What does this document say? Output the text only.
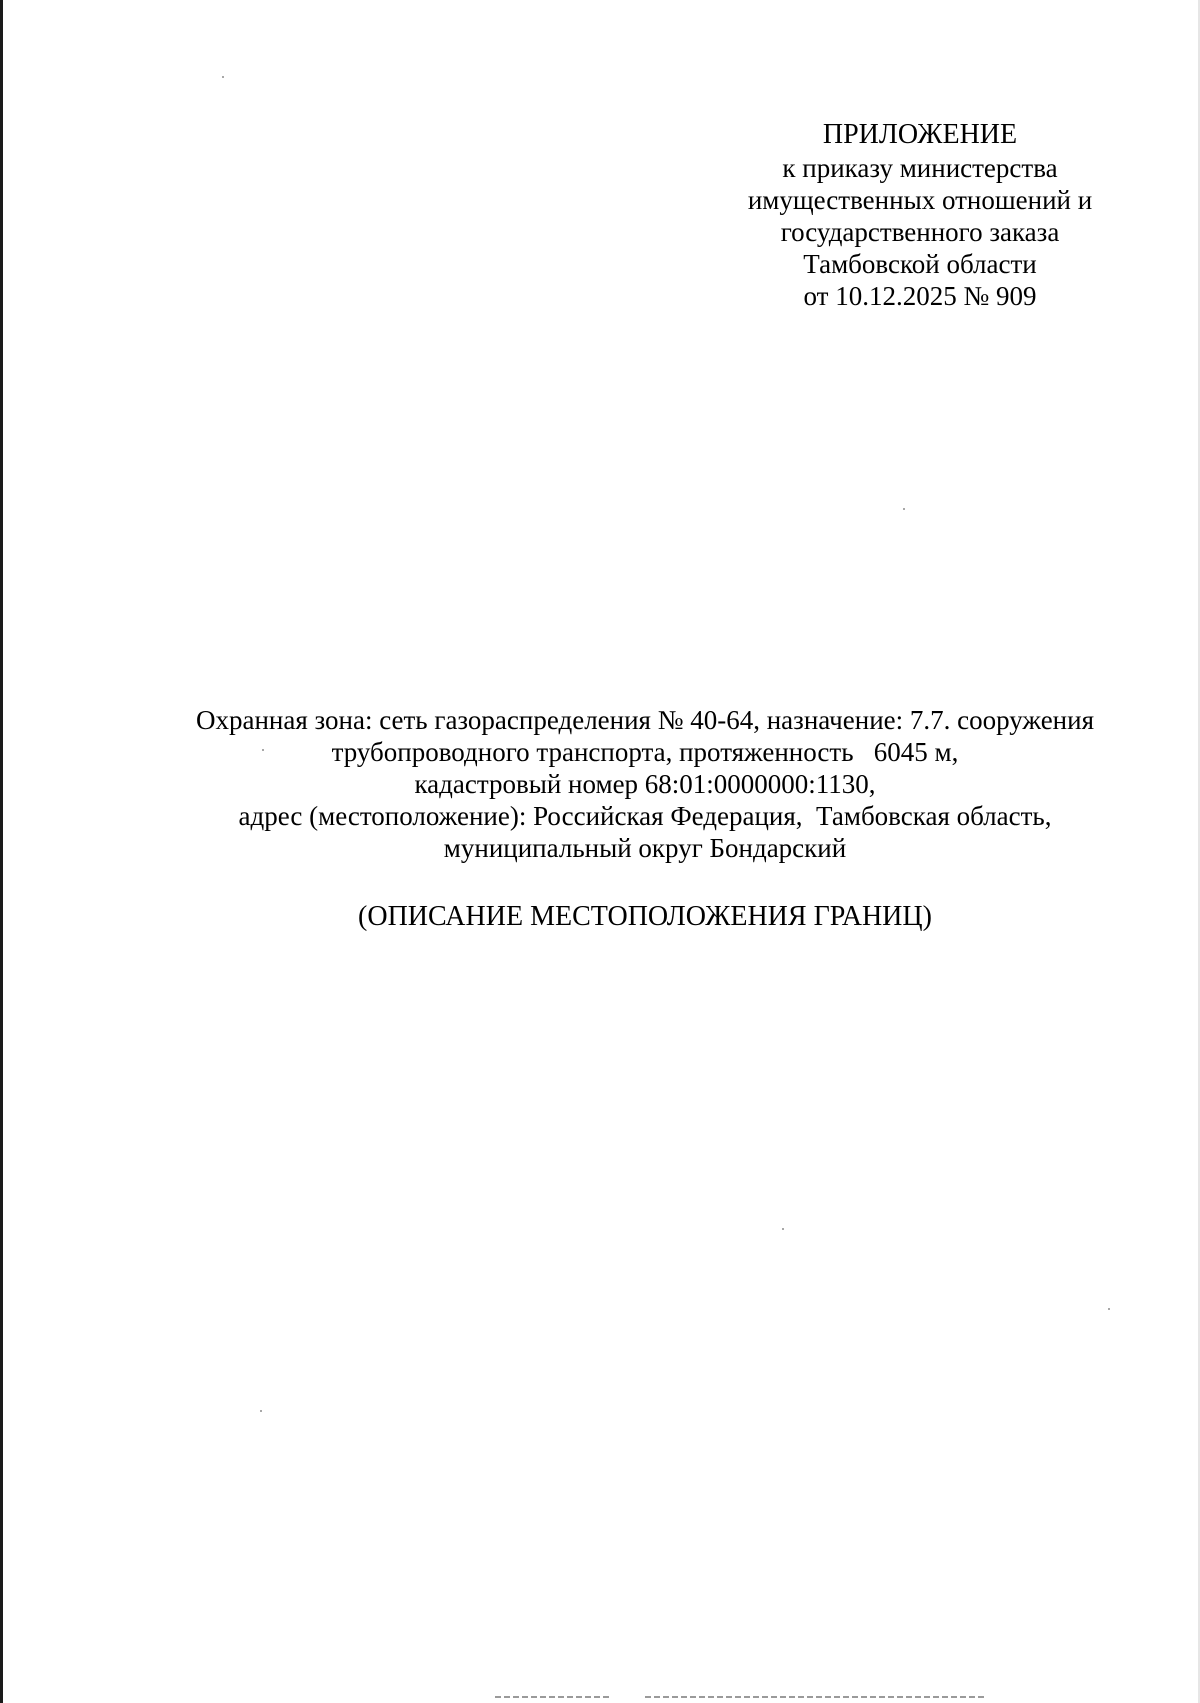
ПРИЛОЖЕНИЕ
к приказу министерства
имущественных отношений и
государственного заказа
Тамбовской области
от 10.12.2025 № 909
Охранная зона: сеть газораспределения № 40-64, назначение: 7.7. сооружения
трубопроводного транспорта, протяженность   6045 м,
кадастровый номер 68:01:0000000:1130,
адрес (местоположение): Российская Федерация,  Тамбовская область,
муниципальный округ Бондарский
(ОПИСАНИЕ МЕСТОПОЛОЖЕНИЯ ГРАНИЦ)
